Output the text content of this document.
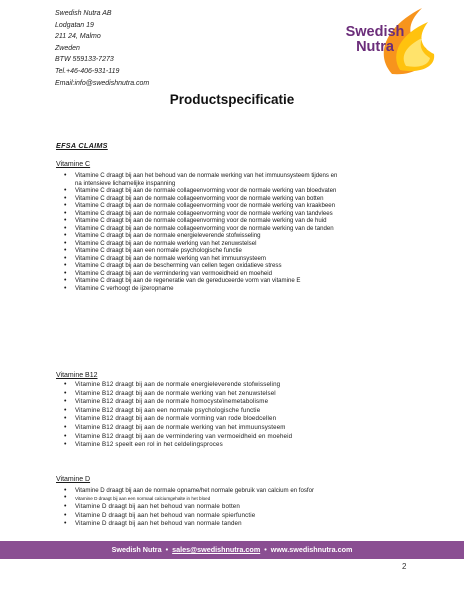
Swedish Nutra AB
Lodgatan 19
211 24, Malmo
Zweden
BTW 559133-7273
Tel.+46-406-931-119
Email:info@swedishnutra.com
Swedish
Nutra
Productspecificatie
EFSA CLAIMS
Vitamine C
• Vitamine C draagt bij aan het behoud van de normale werking van het immuunsysteem tijdens en
na intensieve lichamelijke inspanning
• Vitamine C draagt bij aan de normale collageenvorming voor de normale werking van bloedvaten
• Vitamine C draagt bij aan de normale collageenvorming voor de normale werking van botten
• Vitamine C draagt bij aan de normale collageenvorming voor de normale werking van kraakbeen
• Vitamine C draagt bij aan de normale collageenvorming voor de normale werking van tandvlees
• Vitamine C draagt bij aan de normale collageenvorming voor de normale werking van de huid
• Vitamine C draagt bij aan de normale collageenvorming voor de normale werking van de tanden
• Vitamine C draagt bij aan de normale energieleverende stofwisseling
• Vitamine C draagt bij aan de normale werking van het zenuwstelsel
• Vitamine C draagt bij aan een normale psychologische functie
• Vitamine C draagt bij aan de normale werking van het immuunsysteem
• Vitamine C draagt bij aan de bescherming van cellen tegen oxidatieve stress
• Vitamine C draagt bij aan de vermindering van vermoeidheid en moeheid
• Vitamine C draagt bij aan de regeneratie van de gereduceerde vorm van vitamine E
• Vitamine C verhoogt de ijzeropname
Vitamine B12
• Vitamine B12 draagt bij aan de normale energieleverende stofwisseling
• Vitamine B12 draagt bij aan de normale werking van het zenuwstelsel
• Vitamine B12 draagt bij aan de normale homocysteïnemetabolisme
• Vitamine B12 draagt bij aan een normale psychologische functie
• Vitamine B12 draagt bij aan de normale vorming van rode bloedcellen
• Vitamine B12 draagt bij aan de normale werking van het immuunsysteem
• Vitamine B12 draagt bij aan de vermindering van vermoeidheid en moeheid
• Vitamine B12 speelt een rol in het celdelingsproces
Vitamine D
• Vitamine D draagt bij aan de normale opname/het normale gebruik van calcium en fosfor
• Vitamine D draagt bij aan een normaal calciumgehalte in het bloed
• Vitamine D draagt bij aan het behoud van normale botten
• Vitamine D draagt bij aan het behoud van normale spierfunctie
• Vitamine D draagt bij aan het behoud van normale tanden
Swedish Nutra • sales@swedishnutra.com • www.swedishnutra.com
2
